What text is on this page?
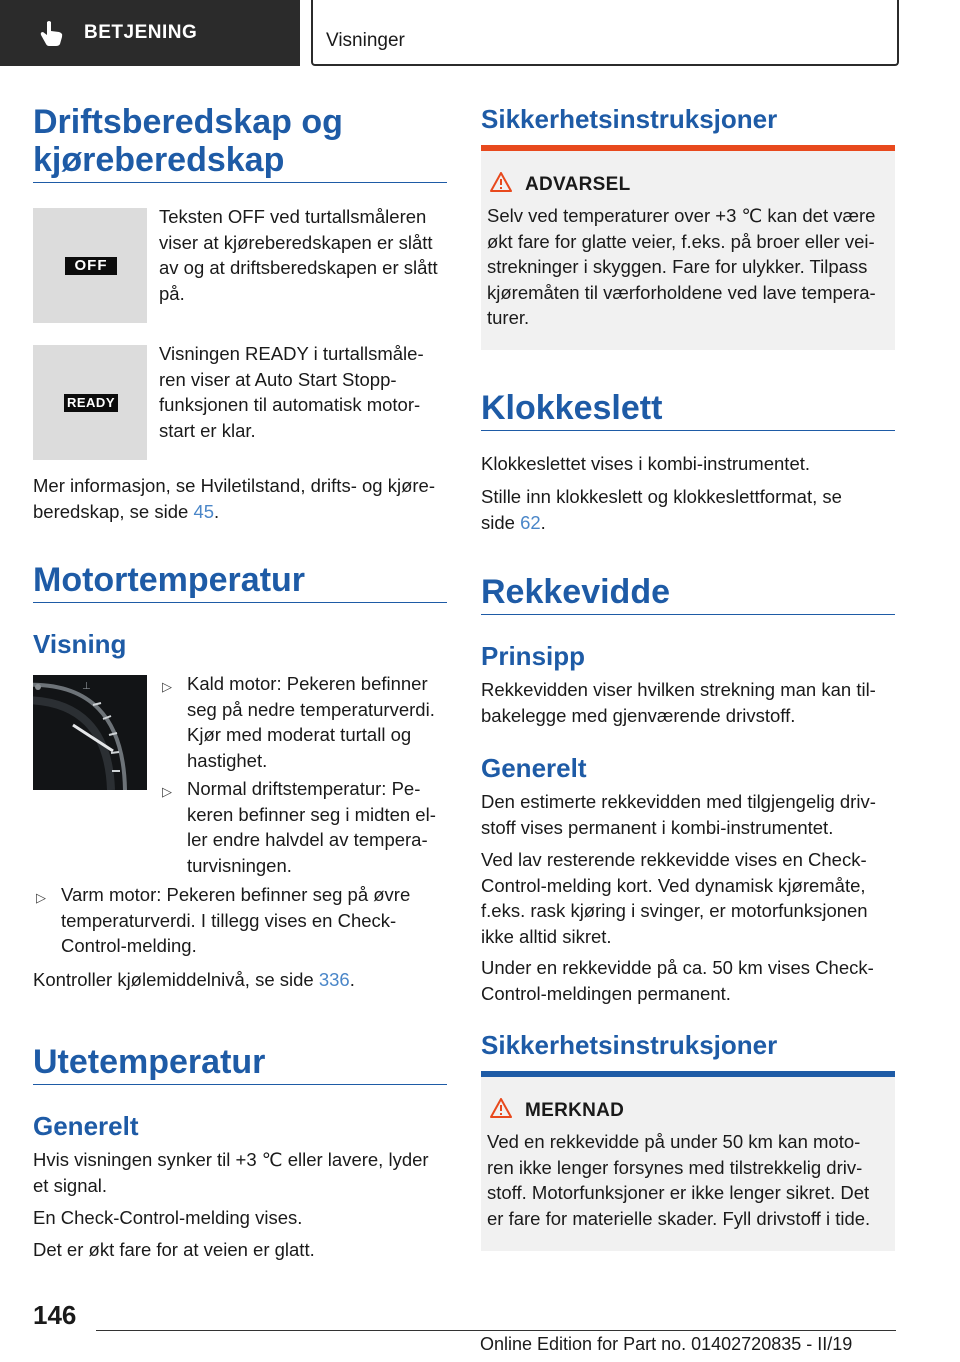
BETJENING	Visninger
Driftsberedskap og
kjøreberedskap
OFF

Teksten OFF ved turtallsmåleren
viser at kjøreberedskapen er slått
av og at driftsberedskapen er slått
på.

READY

Visningen READY i turtallsmåle-
ren viser at Auto Start Stopp-
funksjonen til automatisk motor-
start er klar.

Mer informasjon, se Hviletilstand, drifts- og kjøre-
beredskap, se side 45.

Motortemperatur
Visning
⊥	▷ Kald motor: Pekeren befinner
seg på nedre temperaturverdi.
Kjør med moderat turtall og
hastighet.

▷ Normal driftstemperatur: Pe-
keren befinner seg i midten el-
ler endre halvdel av tempera-
turvisningen.

▷ Varm motor: Pekeren befinner seg på øvre
temperaturverdi. I tillegg vises en Check-
Control-melding.

Kontroller kjølemiddelnivå, se side 336.

Utetemperatur
Generelt

Hvis visningen synker til +3 ℃ eller lavere, lyder
et signal.

En Check-Control-melding vises.

Det er økt fare for at veien er glatt.

Sikkerhetsinstruksjoner
ADVARSEL

Selv ved temperaturer over +3 ℃ kan det være
økt fare for glatte veier, f.eks. på broer eller vei-
strekninger i skyggen. Fare for ulykker. Tilpass
kjøremåten til værforholdene ved lave tempera-
turer.

Klokkeslett

Klokkeslettet vises i kombi-instrumentet.

Stille inn klokkeslett og klokkeslettformat, se
side 62.

Rekkevidde
Prinsipp

Rekkevidden viser hvilken strekning man kan til-
bakelegge med gjenværende drivstoff.

Generelt

Den estimerte rekkevidden med tilgjengelig driv-
stoff vises permanent i kombi-instrumentet.

Ved lav resterende rekkevidde vises en Check-
Control-melding kort. Ved dynamisk kjøremåte,
f.eks. rask kjøring i svinger, er motorfunksjonen
ikke alltid sikret.

Under en rekkevidde på ca. 50 km vises Check-
Control-meldingen permanent.

Sikkerhetsinstruksjoner
MERKNAD

Ved en rekkevidde på under 50 km kan moto-
ren ikke lenger forsynes med tilstrekkelig driv-
stoff. Motorfunksjoner er ikke lenger sikret. Det
er fare for materielle skader. Fyll drivstoff i tide.

146
Online Edition for Part no. 01402720835 - II/19
